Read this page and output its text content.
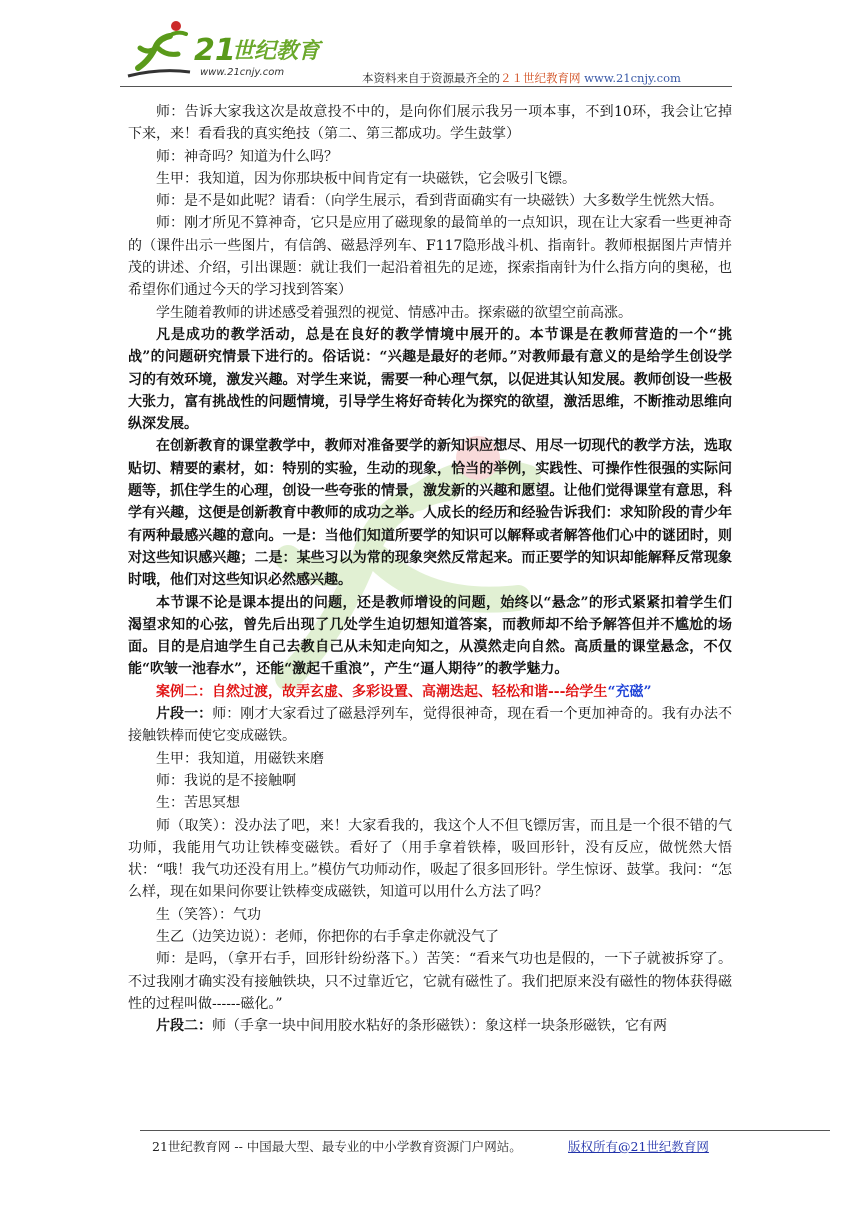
21
世纪教育
www.21cnjy.com	本资料来自于资源最齐全的２１世纪教育网 www.21cnjy.com

师：告诉大家我这次是故意投不中的，是向你们展示我另一项本事，不到10环，我会让它掉下来，来！看看我的真实绝技（第二、第三都成功。学生鼓掌）

师：神奇吗？知道为什么吗？

生甲：我知道，因为你那块板中间肯定有一块磁铁，它会吸引飞镖。

师：是不是如此呢？请看：（向学生展示，看到背面确实有一块磁铁）大多数学生恍然大悟。

师：刚才所见不算神奇，它只是应用了磁现象的最简单的一点知识，现在让大家看一些更神奇的（课件出示一些图片，有信鸽、磁悬浮列车、F117隐形战斗机、指南针。教师根据图片声情并茂的讲述、介绍，引出课题：就让我们一起沿着祖先的足迹，探索指南针为什么指方向的奥秘，也希望你们通过今天的学习找到答案）

学生随着教师的讲述感受着强烈的视觉、情感冲击。探索磁的欲望空前高涨。

凡是成功的教学活动，总是在良好的教学情境中展开的。本节课是在教师营造的一个“挑战”的问题研究情景下进行的。俗话说：“兴趣是最好的老师。”对教师最有意义的是给学生创设学习的有效环境，激发兴趣。对学生来说，需要一种心理气氛，以促进其认知发展。教师创设一些极大张力，富有挑战性的问题情境，引导学生将好奇转化为探究的欲望，激活思维，不断推动思维向纵深发展。

在创新教育的课堂教学中，教师对准备要学的新知识应想尽、用尽一切现代的教学方法，选取贴切、精要的素材，如：特别的实验，生动的现象，恰当的举例，实践性、可操作性很强的实际问题等，抓住学生的心理，创设一些夸张的情景，激发新的兴趣和愿望。让他们觉得课堂有意思，科学有兴趣，这便是创新教育中教师的成功之举。人成长的经历和经验告诉我们：求知阶段的青少年有两种最感兴趣的意向。一是：当他们知道所要学的知识可以解释或者解答他们心中的谜团时，则对这些知识感兴趣；二是：某些习以为常的现象突然反常起来。而正要学的知识却能解释反常现象时哦，他们对这些知识必然感兴趣。

本节课不论是课本提出的问题，还是教师增设的问题，始终以“悬念”的形式紧紧扣着学生们渴望求知的心弦，曾先后出现了几处学生迫切想知道答案，而教师却不给予解答但并不尴尬的场面。目的是启迪学生自己去教自己从未知走向知之，从漠然走向自然。高质量的课堂悬念，不仅能“吹皱一池春水”，还能“激起千重浪”，产生“逼人期待”的教学魅力。

案例二：自然过渡，故弄玄虚、多彩设置、高潮迭起、轻松和谐---给学生“充磁”

片段一：师：刚才大家看过了磁悬浮列车，觉得很神奇，现在看一个更加神奇的。我有办法不接触铁棒而使它变成磁铁。

生甲：我知道，用磁铁来磨

师：我说的是不接触啊

生：苦思冥想

师（取笑）：没办法了吧，来！大家看我的，我这个人不但飞镖厉害，而且是一个很不错的气功师，我能用气功让铁棒变磁铁。看好了（用手拿着铁棒，吸回形针，没有反应，做恍然大悟状：“哦！我气功还没有用上。”模仿气功师动作，吸起了很多回形针。学生惊讶、鼓掌。我问：“怎么样，现在如果问你要让铁棒变成磁铁，知道可以用什么方法了吗？

生（笑答）：气功

生乙（边笑边说）：老师，你把你的右手拿走你就没气了

师：是吗，（拿开右手，回形针纷纷落下。）苦笑：“看来气功也是假的，一下子就被拆穿了。不过我刚才确实没有接触铁块，只不过靠近它，它就有磁性了。我们把原来没有磁性的物体获得磁性的过程叫做------磁化。”

片段二：师（手拿一块中间用胶水粘好的条形磁铁）：象这样一块条形磁铁，它有两

21世纪教育网 -- 中国最大型、最专业的中小学教育资源门户网站。	版权所有@21世纪教育网
